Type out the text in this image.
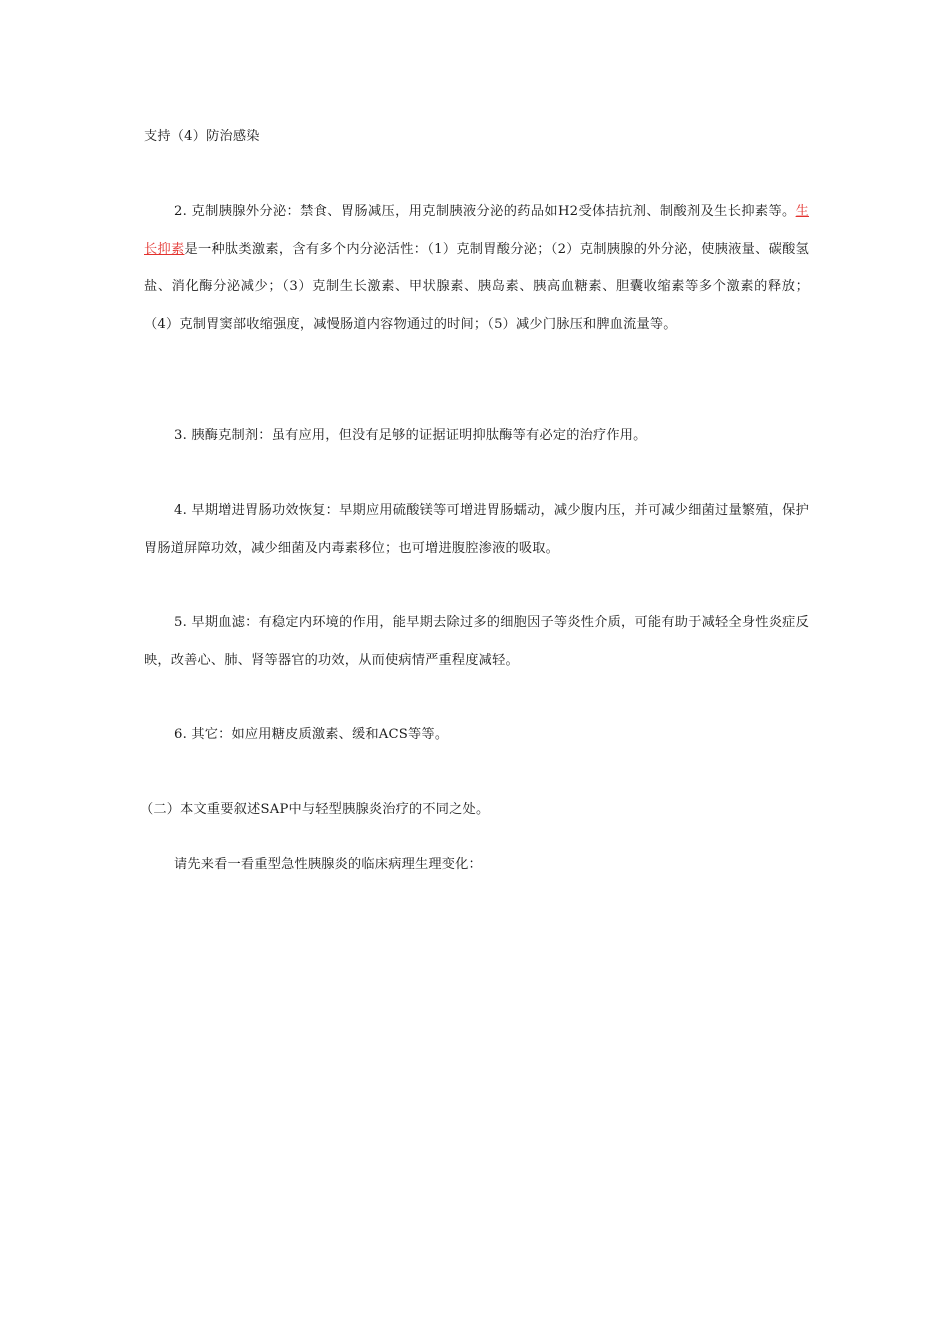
支持（4）防治感染

2. 克制胰腺外分泌：禁食、胃肠减压，用克制胰液分泌的药品如H2受体拮抗剂、制酸剂及生长抑素等。生长抑素是一种肽类激素，含有多个内分泌活性：（1）克制胃酸分泌；（2）克制胰腺的外分泌，使胰液量、碳酸氢盐、消化酶分泌减少；（3）克制生长激素、甲状腺素、胰岛素、胰高血糖素、胆囊收缩素等多个激素的释放；（4）克制胃窦部收缩强度，减慢肠道内容物通过的时间；（5）减少门脉压和脾血流量等。

3. 胰酶克制剂：虽有应用，但没有足够的证据证明抑肽酶等有必定的治疗作用。

4. 早期增进胃肠功效恢复：早期应用硫酸镁等可增进胃肠蠕动，减少腹内压，并可减少细菌过量繁殖，保护胃肠道屏障功效，减少细菌及内毒素移位；也可增进腹腔渗液的吸取。

5. 早期血滤：有稳定内环境的作用，能早期去除过多的细胞因子等炎性介质，可能有助于减轻全身性炎症反映，改善心、肺、肾等器官的功效，从而使病情严重程度减轻。

6. 其它：如应用糖皮质激素、缓和ACS等等。

（二）本文重要叙述SAP中与轻型胰腺炎治疗的不同之处。

请先来看一看重型急性胰腺炎的临床病理生理变化：
